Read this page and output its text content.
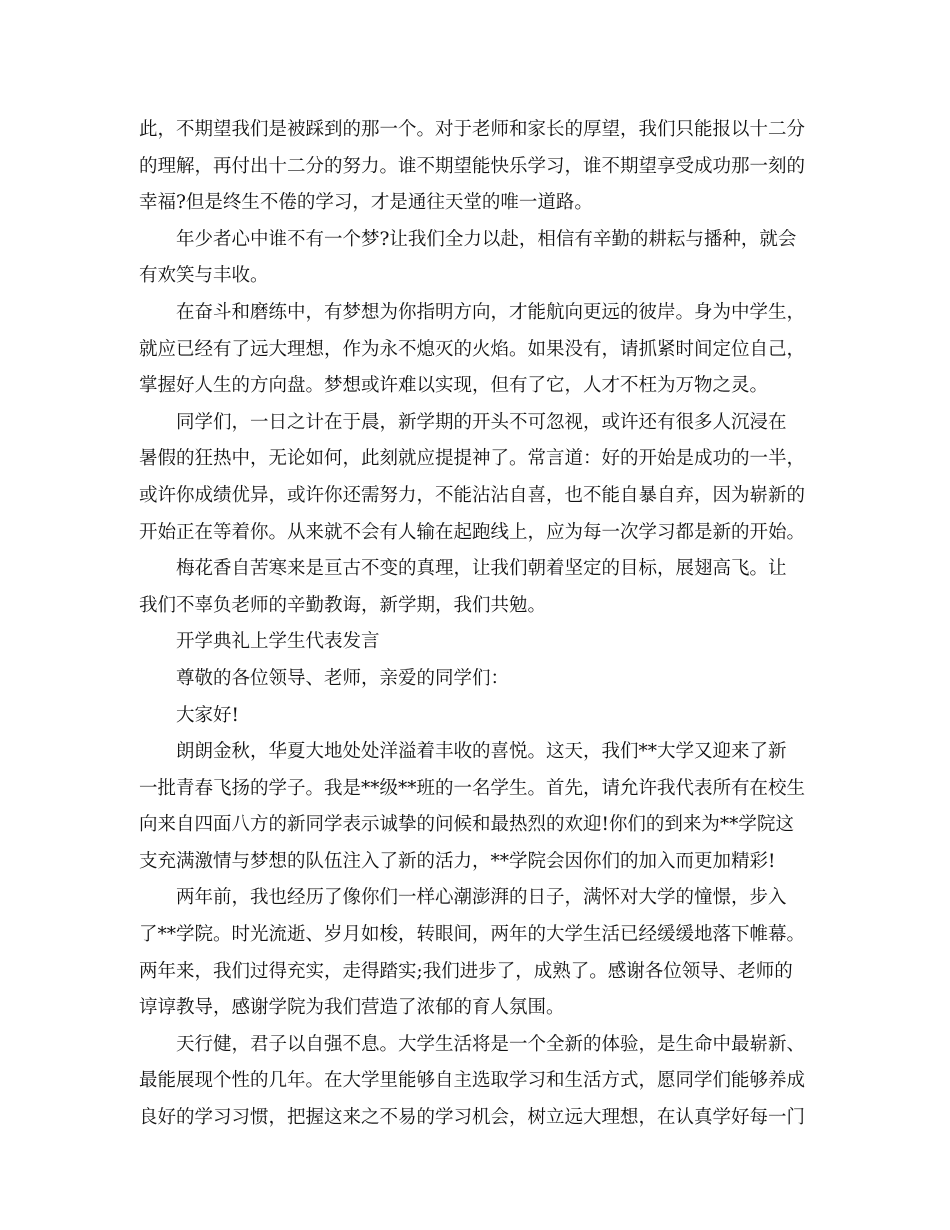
此，不期望我们是被踩到的那一个。对于老师和家长的厚望，我们只能报以十二分
的理解，再付出十二分的努力。谁不期望能快乐学习，谁不期望享受成功那一刻的
幸福?但是终生不倦的学习，才是通往天堂的唯一道路。
年少者心中谁不有一个梦?让我们全力以赴，相信有辛勤的耕耘与播种，就会
有欢笑与丰收。
在奋斗和磨练中，有梦想为你指明方向，才能航向更远的彼岸。身为中学生，
就应已经有了远大理想，作为永不熄灭的火焰。如果没有，请抓紧时间定位自己，
掌握好人生的方向盘。梦想或许难以实现，但有了它，人才不枉为万物之灵。
同学们，一日之计在于晨，新学期的开头不可忽视，或许还有很多人沉浸在
暑假的狂热中，无论如何，此刻就应提提神了。常言道：好的开始是成功的一半，
或许你成绩优异，或许你还需努力，不能沾沾自喜，也不能自暴自弃，因为崭新的
开始正在等着你。从来就不会有人输在起跑线上，应为每一次学习都是新的开始。
梅花香自苦寒来是亘古不变的真理，让我们朝着坚定的目标，展翅高飞。让
我们不辜负老师的辛勤教诲，新学期，我们共勉。
开学典礼上学生代表发言
尊敬的各位领导、老师，亲爱的同学们：
大家好!
朗朗金秋，华夏大地处处洋溢着丰收的喜悦。这天，我们**大学又迎来了新
一批青春飞扬的学子。我是**级**班的一名学生。首先，请允许我代表所有在校生
向来自四面八方的新同学表示诚挚的问候和最热烈的欢迎!你们的到来为**学院这
支充满激情与梦想的队伍注入了新的活力，**学院会因你们的加入而更加精彩!
两年前，我也经历了像你们一样心潮澎湃的日子，满怀对大学的憧憬，步入
了**学院。时光流逝、岁月如梭，转眼间，两年的大学生活已经缓缓地落下帷幕。
两年来，我们过得充实，走得踏实;我们进步了，成熟了。感谢各位领导、老师的
谆谆教导，感谢学院为我们营造了浓郁的育人氛围。
天行健，君子以自强不息。大学生活将是一个全新的体验，是生命中最崭新、
最能展现个性的几年。在大学里能够自主选取学习和生活方式，愿同学们能够养成
良好的学习习惯，把握这来之不易的学习机会，树立远大理想，在认真学好每一门
